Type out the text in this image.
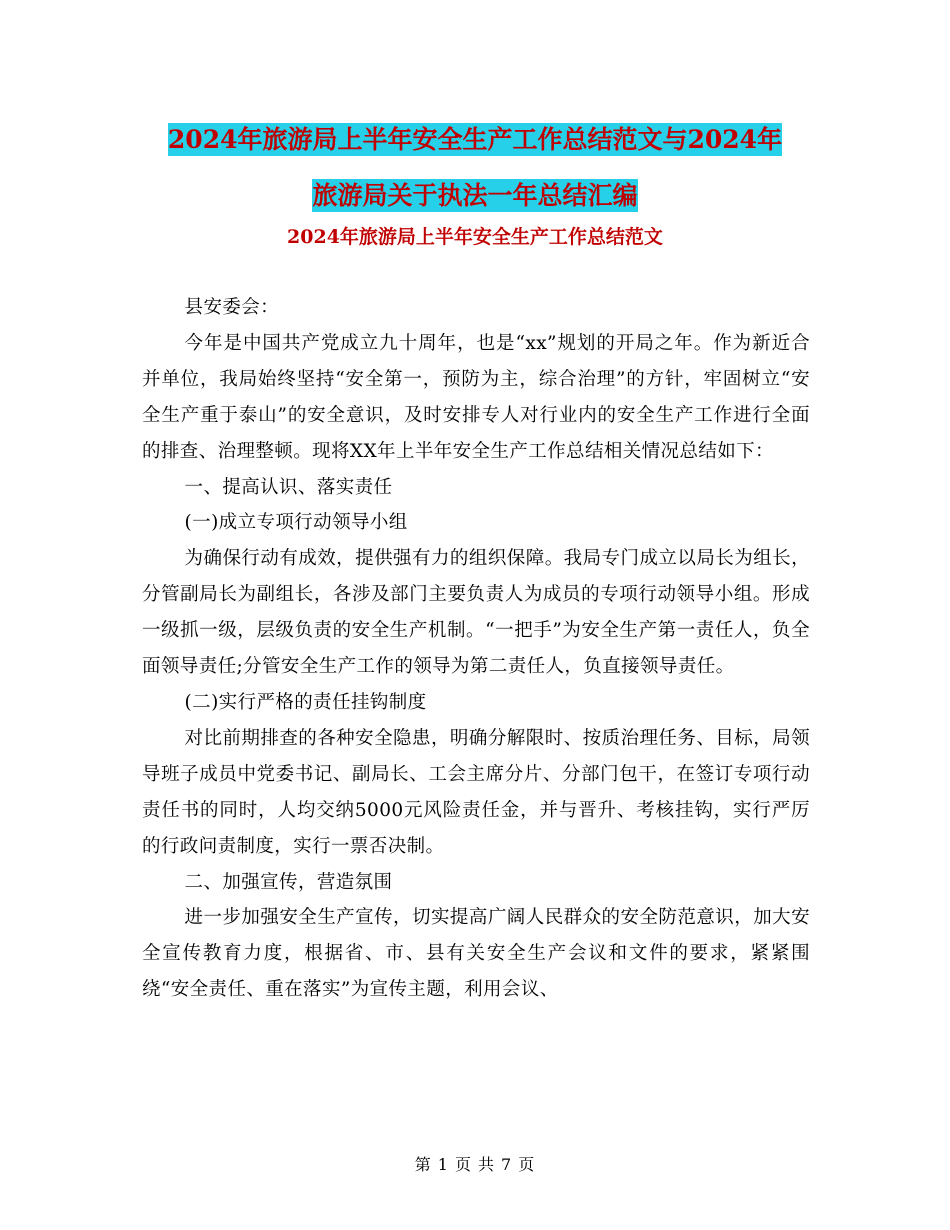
2024年旅游局上半年安全生产工作总结范文与2024年
旅游局关于执法一年总结汇编
2024年旅游局上半年安全生产工作总结范文

县安委会：

今年是中国共产党成立九十周年，也是“xx”规划的开局之年。作为新近合并单位，我局始终坚持“安全第一，预防为主，综合治理”的方针，牢固树立“安全生产重于泰山”的安全意识，及时安排专人对行业内的安全生产工作进行全面的排查、治理整顿。现将XX年上半年安全生产工作总结相关情况总结如下：

一、提高认识、落实责任

(一)成立专项行动领导小组

为确保行动有成效，提供强有力的组织保障。我局专门成立以局长为组长，分管副局长为副组长，各涉及部门主要负责人为成员的专项行动领导小组。形成一级抓一级，层级负责的安全生产机制。“一把手”为安全生产第一责任人，负全面领导责任;分管安全生产工作的领导为第二责任人，负直接领导责任。

(二)实行严格的责任挂钩制度

对比前期排查的各种安全隐患，明确分解限时、按质治理任务、目标，局领导班子成员中党委书记、副局长、工会主席分片、分部门包干，在签订专项行动责任书的同时，人均交纳5000元风险责任金，并与晋升、考核挂钩，实行严厉的行政问责制度，实行一票否决制。

二、加强宣传，营造氛围

进一步加强安全生产宣传，切实提高广阔人民群众的安全防范意识，加大安全宣传教育力度，根据省、市、县有关安全生产会议和文件的要求，紧紧围绕“安全责任、重在落实”为宣传主题，利用会议、

第 1 页 共 7 页
